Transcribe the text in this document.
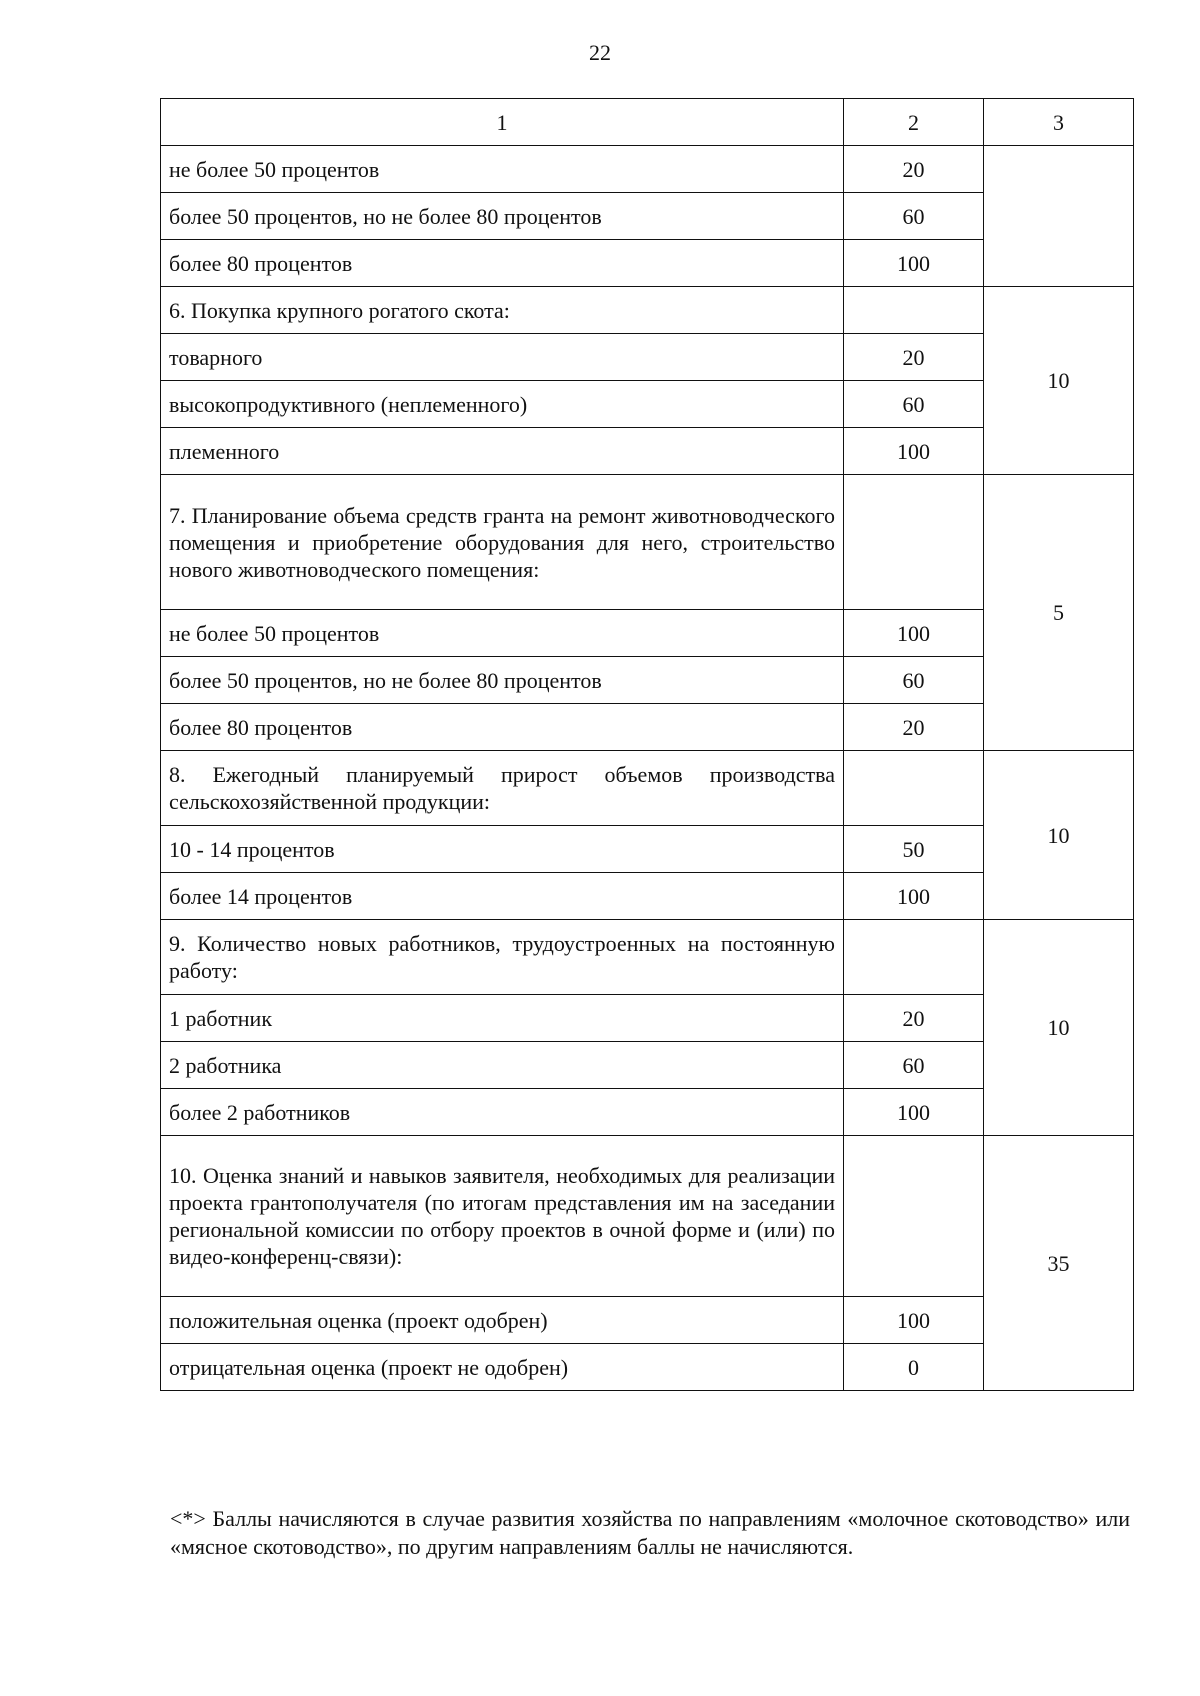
22
1	2	3
не более 50 процентов	20	
более 50 процентов, но не более 80 процентов	60	
более 80 процентов	100	
6. Покупка крупного рогатого скота:		10
товарного	20	
высокопродуктивного (неплеменного)	60	
племенного	100	
7. Планирование объема средств гранта на ремонт животноводческого помещения и приобретение оборудования для него, строительство нового животноводческого помещения:		5
не более 50 процентов	100	
более 50 процентов, но не более 80 процентов	60	
более 80 процентов	20	
8. Ежегодный планируемый прирост объемов производства сельскохозяйственной продукции:		10
10 - 14 процентов	50	
более 14 процентов	100	
9. Количество новых работников, трудоустроенных на постоянную работу:		10
1 работник	20	
2 работника	60	
более 2 работников	100	
10. Оценка знаний и навыков заявителя, необходимых для реализации проекта грантополучателя (по итогам представления им на заседании региональной комиссии по отбору проектов в очной форме и (или) по видео-конференц-связи):		35
положительная оценка (проект одобрен)	100	
отрицательная оценка (проект не одобрен)	0	
<*> Баллы начисляются в случае развития хозяйства по направлениям «молочное скотоводство» или «мясное скотоводство», по другим направлениям баллы не начисляются.
